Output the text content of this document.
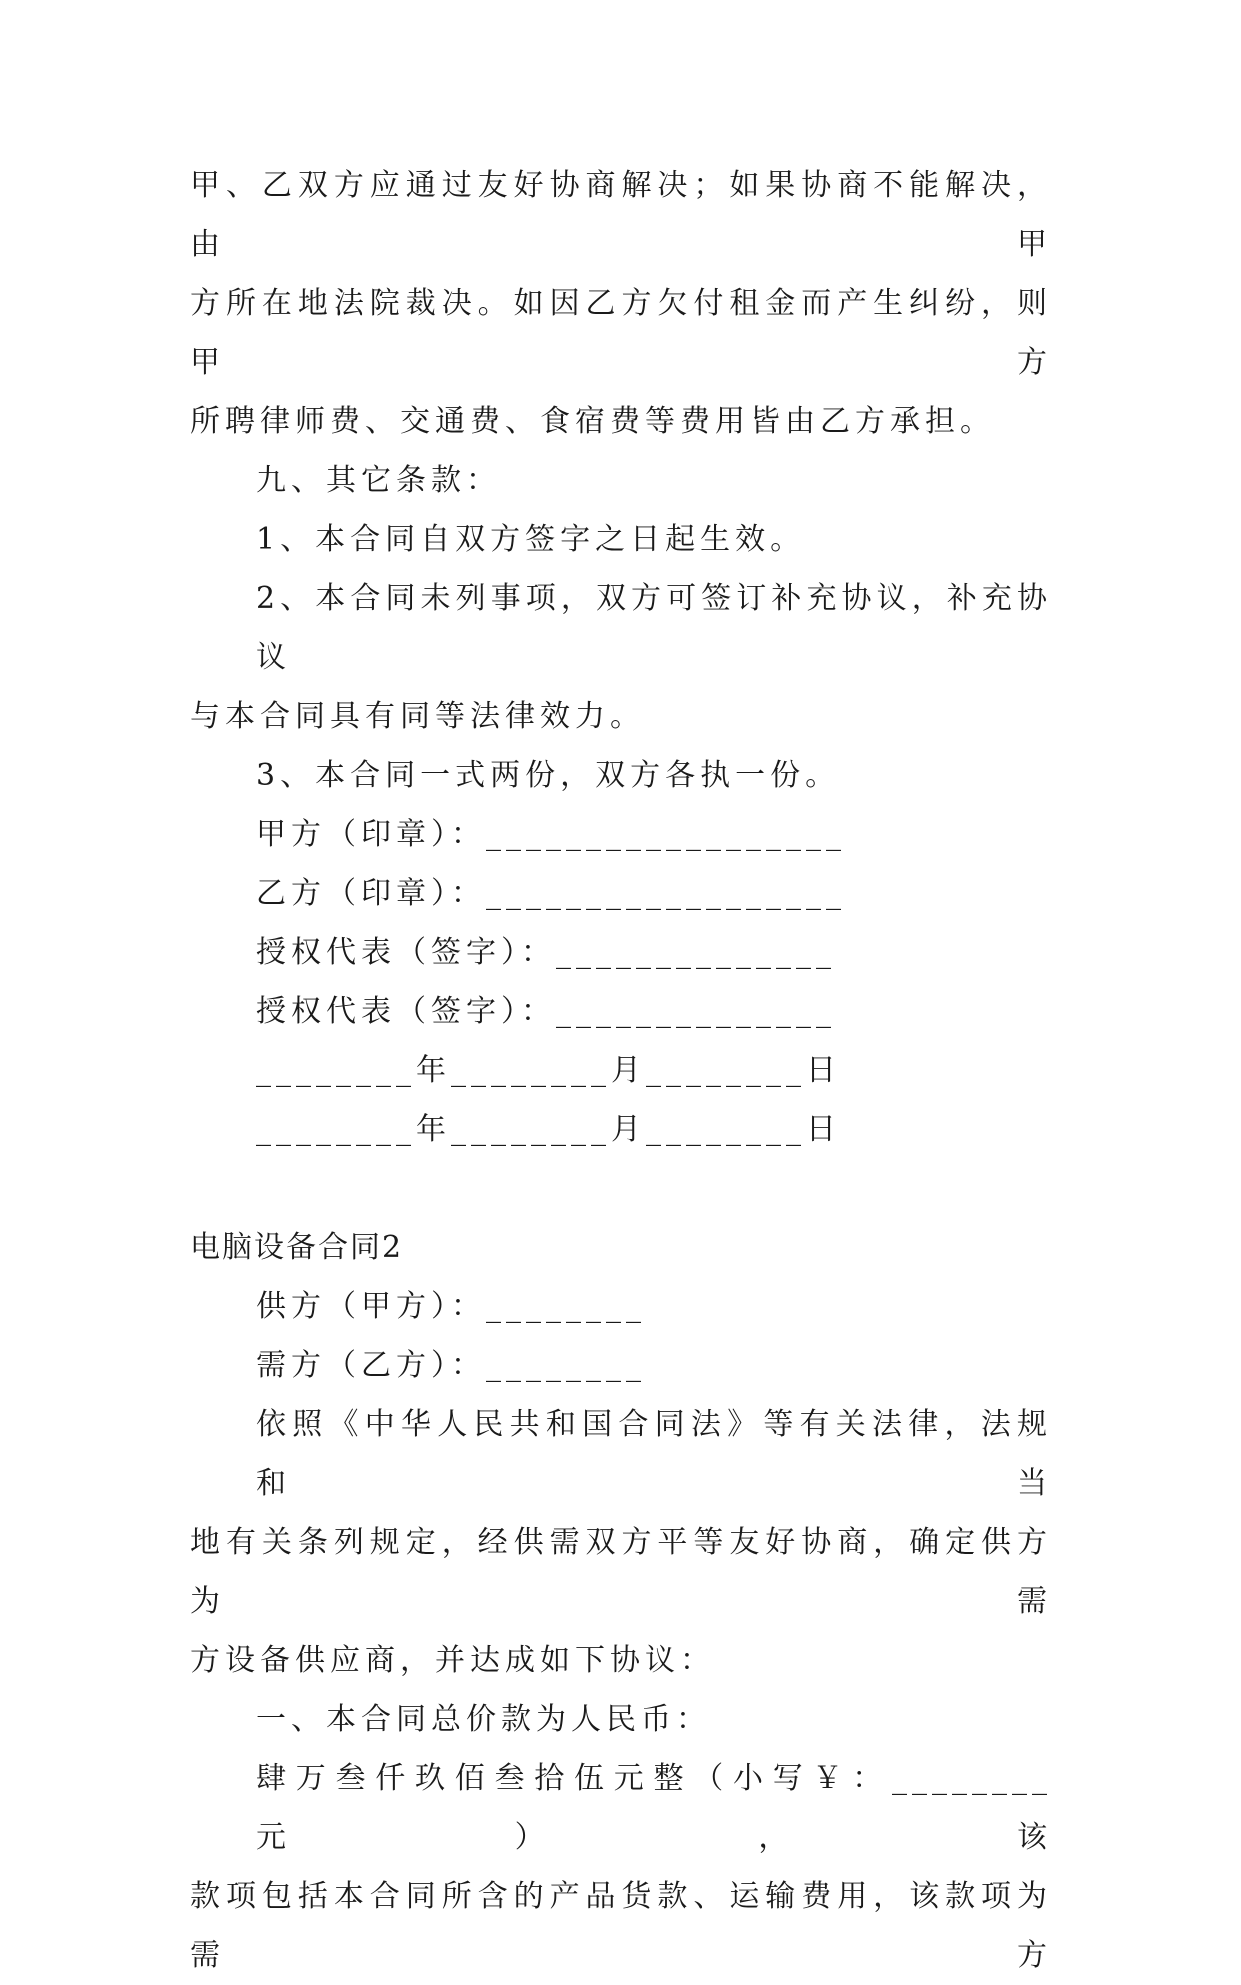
甲、乙双方应通过友好协商解决；如果协商不能解决，由甲

方所在地法院裁决。如因乙方欠付租金而产生纠纷，则甲方

所聘律师费、交通费、食宿费等费用皆由乙方承担。

九、其它条款：

1、本合同自双方签字之日起生效。

2、本合同未列事项，双方可签订补充协议，补充协议

与本合同具有同等法律效力。

3、本合同一式两份，双方各执一份。

甲方（印章）：__________________

乙方（印章）：__________________

授权代表（签字）：______________

授权代表（签字）：______________

________年________月________日

________年________月________日

电脑设备合同2

供方（甲方）：________

需方（乙方）：________

依照《中华人民共和国合同法》等有关法律，法规和当

地有关条列规定，经供需双方平等友好协商，确定供方为需

方设备供应商，并达成如下协议：

一、本合同总价款为人民币：

肆万叁仟玖佰叁拾伍元整（小写￥：________元），该

款项包括本合同所含的产品货款、运输费用，该款项为需方
